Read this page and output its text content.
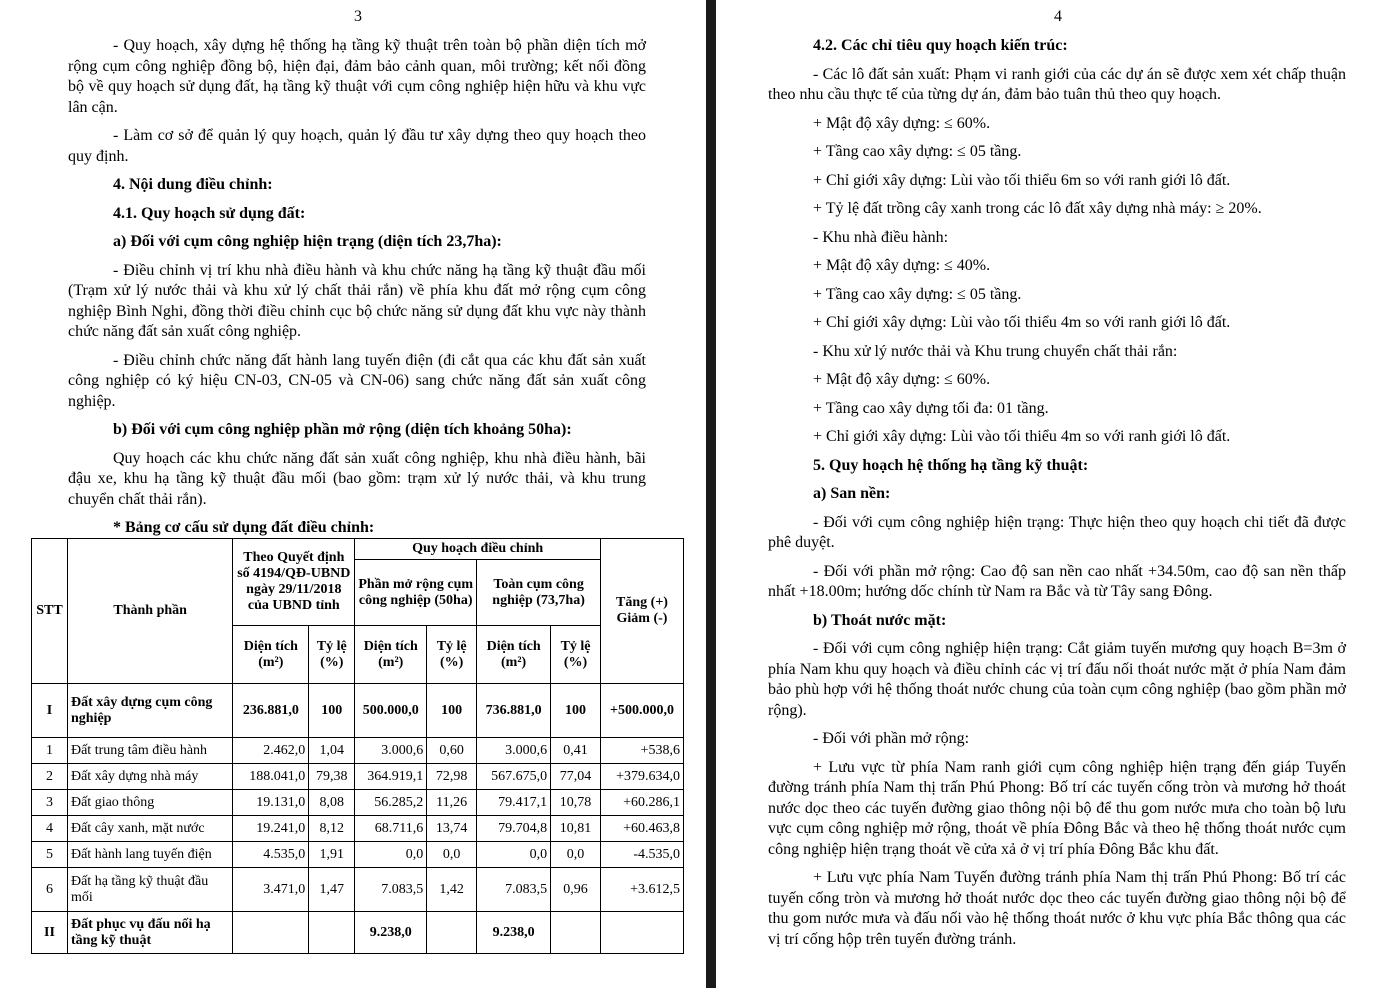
3

- Quy hoạch, xây dựng hệ thống hạ tầng kỹ thuật trên toàn bộ phần diện tích mở rộng cụm công nghiệp đồng bộ, hiện đại, đảm bảo cảnh quan, môi trường; kết nối đồng bộ về quy hoạch sử dụng đất, hạ tầng kỹ thuật với cụm công nghiệp hiện hữu và khu vực lân cận.

- Làm cơ sở để quản lý quy hoạch, quản lý đầu tư xây dựng theo quy hoạch theo quy định.

4. Nội dung điều chỉnh:

4.1. Quy hoạch sử dụng đất:

a) Đối với cụm công nghiệp hiện trạng (diện tích 23,7ha):

- Điều chỉnh vị trí khu nhà điều hành và khu chức năng hạ tầng kỹ thuật đầu mối (Trạm xử lý nước thải và khu xử lý chất thải rắn) về phía khu đất mở rộng cụm công nghiệp Bình Nghi, đồng thời điều chỉnh cục bộ chức năng sử dụng đất khu vực này thành chức năng đất sản xuất công nghiệp.

- Điều chỉnh chức năng đất hành lang tuyến điện (đi cắt qua các khu đất sản xuất công nghiệp có ký hiệu CN-03, CN-05 và CN-06) sang chức năng đất sản xuất công nghiệp.

b) Đối với cụm công nghiệp phần mở rộng (diện tích khoảng 50ha):

Quy hoạch các khu chức năng đất sản xuất công nghiệp, khu nhà điều hành, bãi đậu xe, khu hạ tầng kỹ thuật đầu mối (bao gồm: trạm xử lý nước thải, và khu trung chuyển chất thải rắn).

* Bảng cơ cấu sử dụng đất điều chỉnh:

STT	Thành phần	Theo Quyết định số 4194/QĐ-UBND ngày 29/11/2018 của UBND tỉnh		Quy hoạch điều chỉnh				Tăng (+) Giảm (-)
				Phần mở rộng cụm công nghiệp (50ha)		Toàn cụm công nghiệp (73,7ha)		
		Diện tích (m²)	Tỷ lệ (%)	Diện tích (m²)	Tỷ lệ (%)	Diện tích (m²)	Tỷ lệ (%)	
I	Đất xây dựng cụm công nghiệp	236.881,0	100	500.000,0	100	736.881,0	100	+500.000,0
1	Đất trung tâm điều hành	2.462,0	1,04	3.000,6	0,60	3.000,6	0,41	+538,6
2	Đất xây dựng nhà máy	188.041,0	79,38	364.919,1	72,98	567.675,0	77,04	+379.634,0
3	Đất giao thông	19.131,0	8,08	56.285,2	11,26	79.417,1	10,78	+60.286,1
4	Đất cây xanh, mặt nước	19.241,0	8,12	68.711,6	13,74	79.704,8	10,81	+60.463,8
5	Đất hành lang tuyến điện	4.535,0	1,91	0,0	0,0	0,0	0,0	-4.535,0
6	Đất hạ tầng kỹ thuật đầu mối	3.471,0	1,47	7.083,5	1,42	7.083,5	0,96	+3.612,5
II	Đất phục vụ đấu nối hạ tầng kỹ thuật			9.238,0		9.238,0		
4

4.2. Các chỉ tiêu quy hoạch kiến trúc:

- Các lô đất sản xuất: Phạm vi ranh giới của các dự án sẽ được xem xét chấp thuận theo nhu cầu thực tế của từng dự án, đảm bảo tuân thủ theo quy hoạch.

+ Mật độ xây dựng: ≤ 60%.

+ Tầng cao xây dựng: ≤ 05 tầng.

+ Chỉ giới xây dựng: Lùi vào tối thiểu 6m so với ranh giới lô đất.

+ Tỷ lệ đất trồng cây xanh trong các lô đất xây dựng nhà máy: ≥ 20%.

- Khu nhà điều hành:

+ Mật độ xây dựng: ≤ 40%.

+ Tầng cao xây dựng: ≤ 05 tầng.

+ Chỉ giới xây dựng: Lùi vào tối thiểu 4m so với ranh giới lô đất.

- Khu xử lý nước thải và Khu trung chuyển chất thải rắn:

+ Mật độ xây dựng: ≤ 60%.

+ Tầng cao xây dựng tối đa: 01 tầng.

+ Chỉ giới xây dựng: Lùi vào tối thiểu 4m so với ranh giới lô đất.

5. Quy hoạch hệ thống hạ tầng kỹ thuật:

a) San nền:

- Đối với cụm công nghiệp hiện trạng: Thực hiện theo quy hoạch chi tiết đã được phê duyệt.

- Đối với phần mở rộng: Cao độ san nền cao nhất +34.50m, cao độ san nền thấp nhất +18.00m; hướng dốc chính từ Nam ra Bắc và từ Tây sang Đông.

b) Thoát nước mặt:

- Đối với cụm công nghiệp hiện trạng: Cắt giảm tuyến mương quy hoạch B=3m ở phía Nam khu quy hoạch và điều chỉnh các vị trí đấu nối thoát nước mặt ở phía Nam đảm bảo phù hợp với hệ thống thoát nước chung của toàn cụm công nghiệp (bao gồm phần mở rộng).

- Đối với phần mở rộng:

+ Lưu vực từ phía Nam ranh giới cụm công nghiệp hiện trạng đến giáp Tuyến đường tránh phía Nam thị trấn Phú Phong: Bố trí các tuyến cống tròn và mương hở thoát nước dọc theo các tuyến đường giao thông nội bộ để thu gom nước mưa cho toàn bộ lưu vực cụm công nghiệp mở rộng, thoát về phía Đông Bắc và theo hệ thống thoát nước cụm công nghiệp hiện trạng thoát về cửa xả ở vị trí phía Đông Bắc khu đất.

+ Lưu vực phía Nam Tuyến đường tránh phía Nam thị trấn Phú Phong: Bố trí các tuyến cống tròn và mương hở thoát nước dọc theo các tuyến đường giao thông nội bộ để thu gom nước mưa và đấu nối vào hệ thống thoát nước ở khu vực phía Bắc thông qua các vị trí cống hộp trên tuyến đường tránh.
